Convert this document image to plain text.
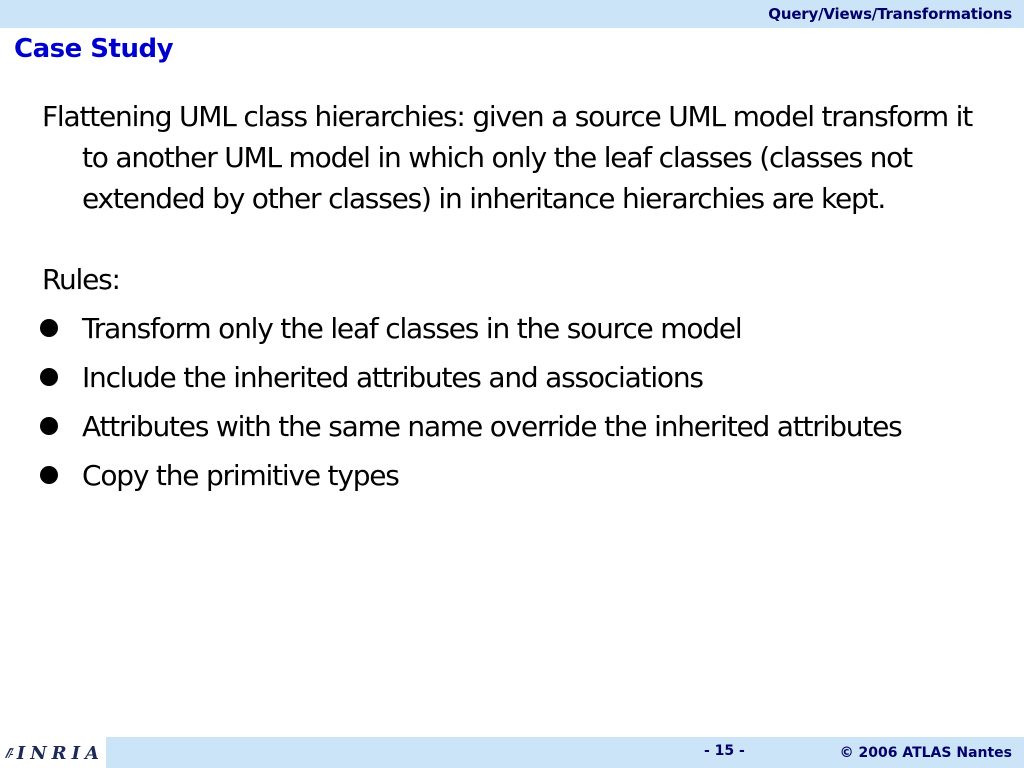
Query/Views/Transformations
Case Study

Flattening UML class hierarchies: given a source UML model transform it to another UML model in which only the leaf classes (classes not extended by other classes) in inheritance hierarchies are kept.

Rules:

Transform only the leaf classes in the source model
Include the inherited attributes and associations
Attributes with the same name override the inherited attributes
Copy the primitive types
INRIA	- 15 -	© 2006 ATLAS Nantes
